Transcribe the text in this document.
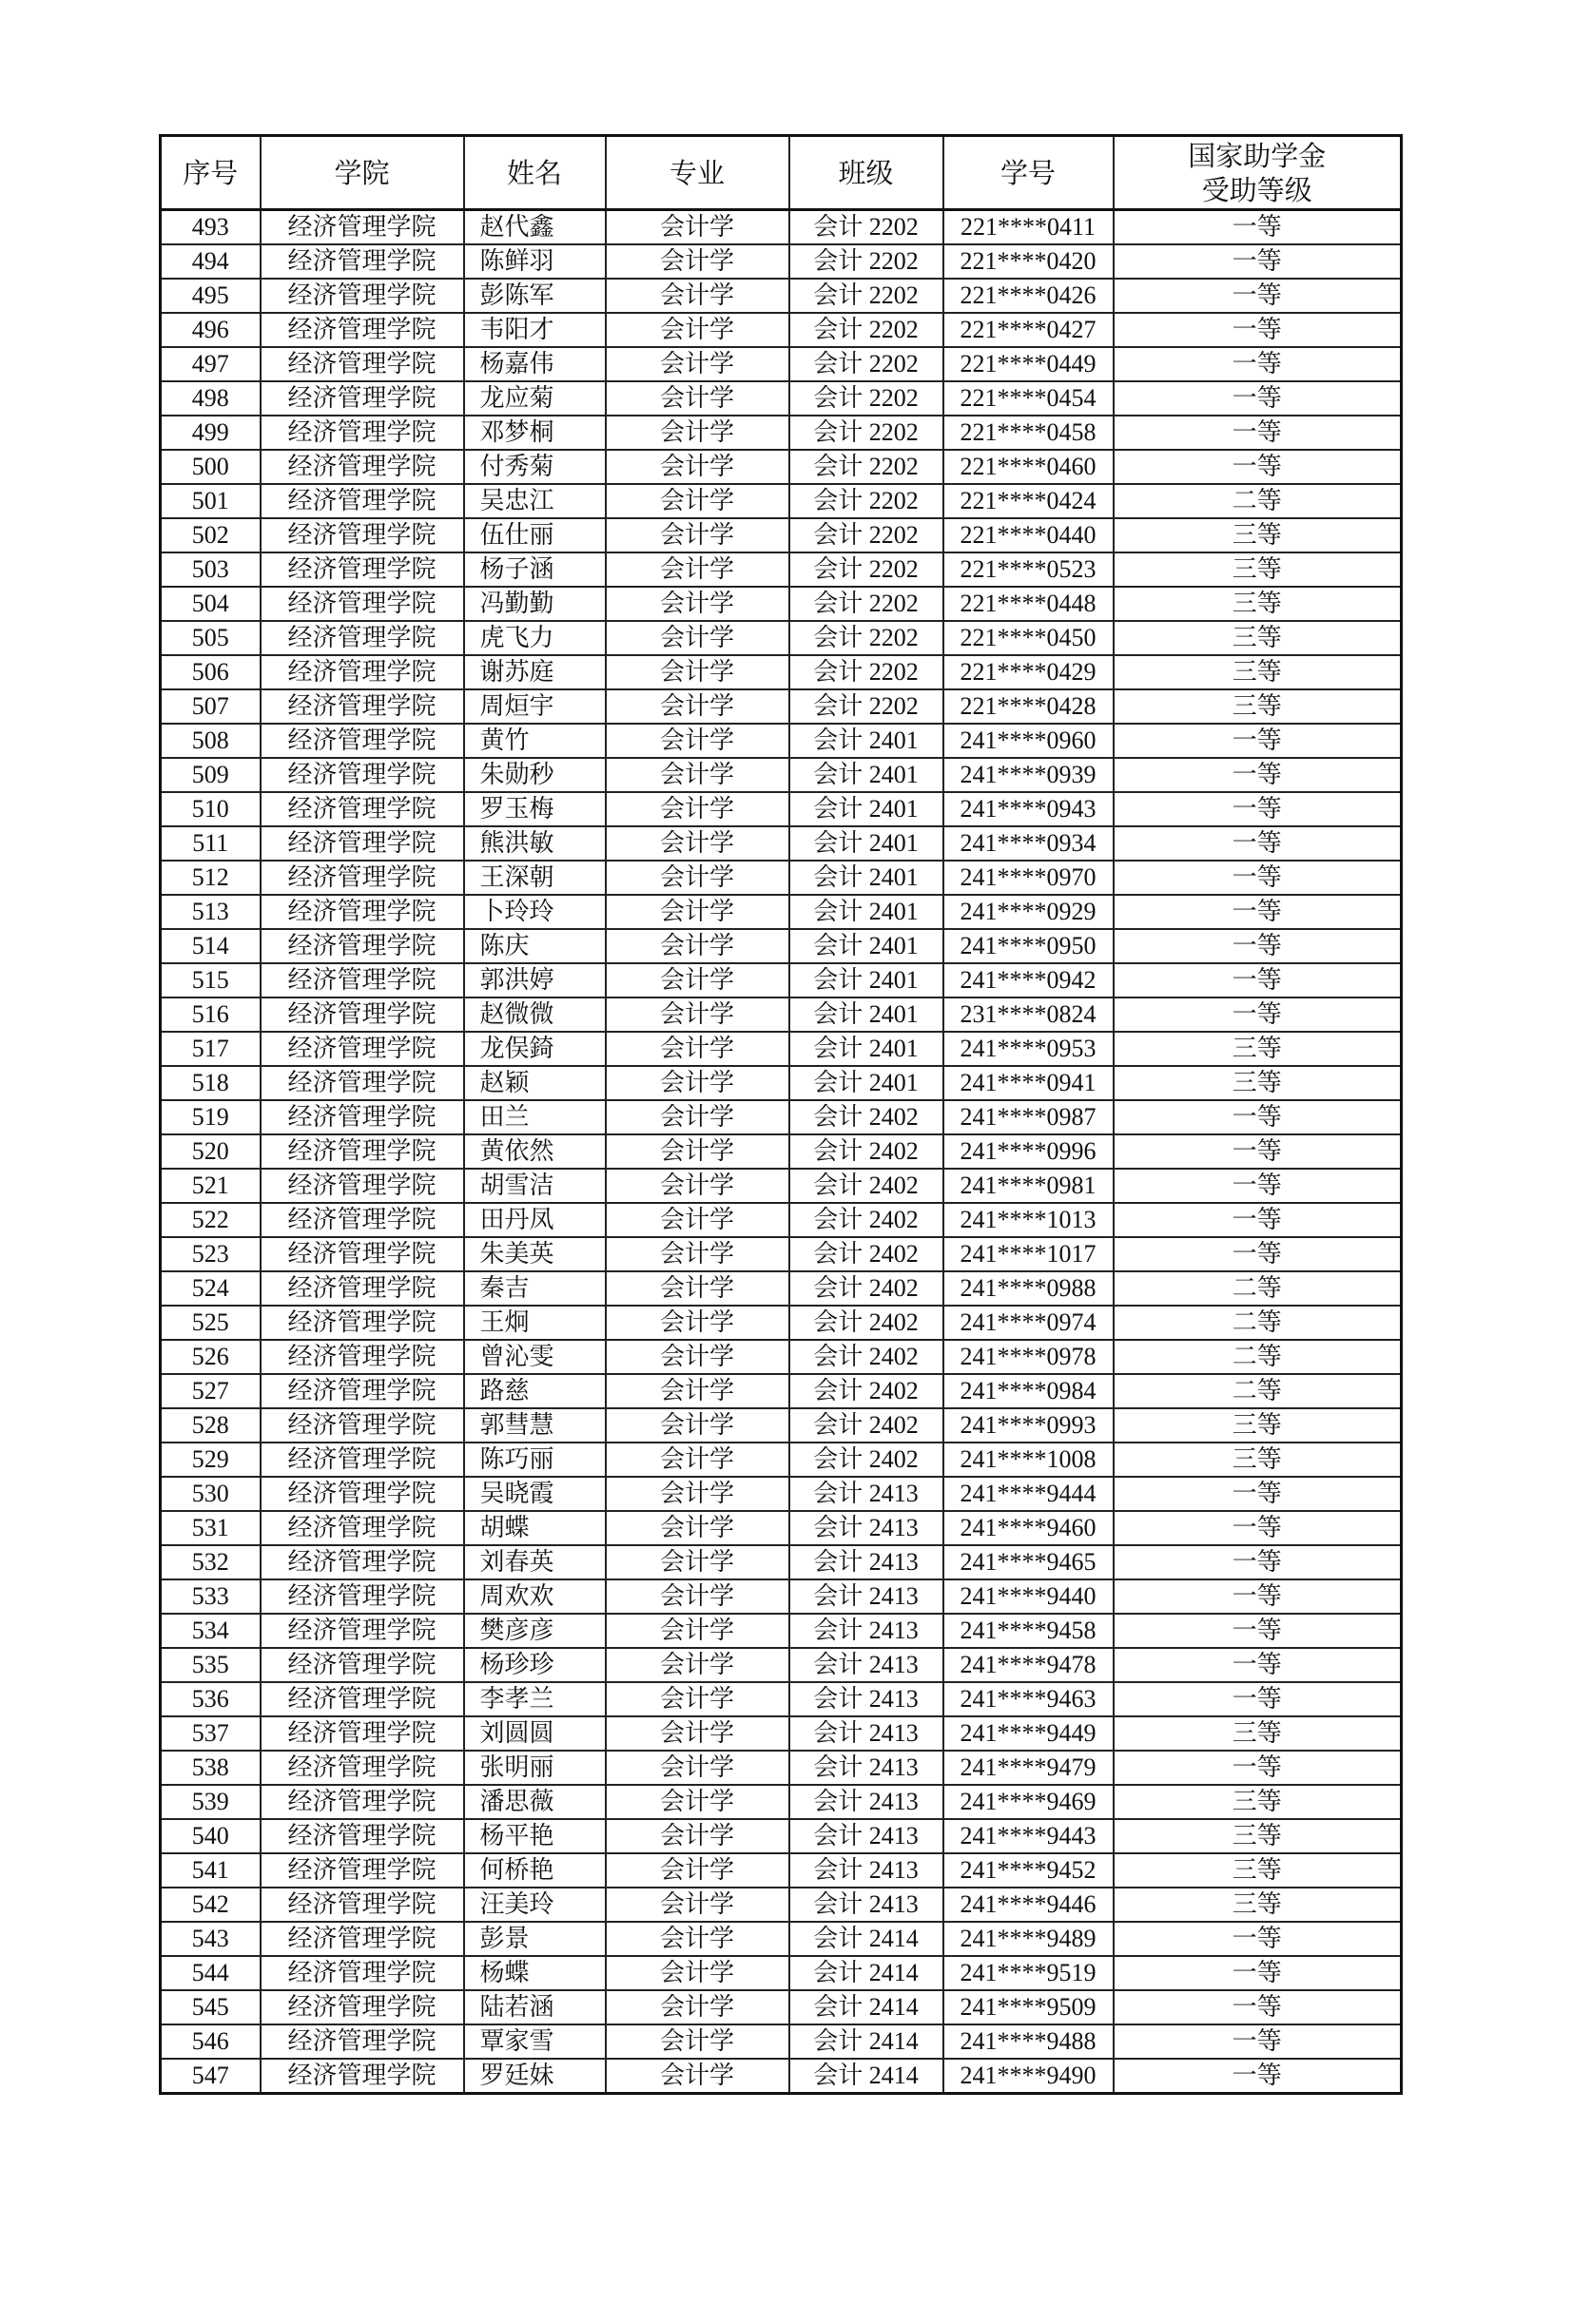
序号	学院	姓名	专业	班级	学号	国家助学金
受助等级

493	经济管理学院	赵代鑫	会计学	会计 2202	221****0411	一等
494	经济管理学院	陈鲜羽	会计学	会计 2202	221****0420	一等
495	经济管理学院	彭陈军	会计学	会计 2202	221****0426	一等
496	经济管理学院	韦阳才	会计学	会计 2202	221****0427	一等
497	经济管理学院	杨嘉伟	会计学	会计 2202	221****0449	一等
498	经济管理学院	龙应菊	会计学	会计 2202	221****0454	一等
499	经济管理学院	邓梦桐	会计学	会计 2202	221****0458	一等
500	经济管理学院	付秀菊	会计学	会计 2202	221****0460	一等
501	经济管理学院	吴忠江	会计学	会计 2202	221****0424	二等
502	经济管理学院	伍仕丽	会计学	会计 2202	221****0440	三等
503	经济管理学院	杨子涵	会计学	会计 2202	221****0523	三等
504	经济管理学院	冯勤勤	会计学	会计 2202	221****0448	三等
505	经济管理学院	虎飞力	会计学	会计 2202	221****0450	三等
506	经济管理学院	谢苏庭	会计学	会计 2202	221****0429	三等
507	经济管理学院	周烜宇	会计学	会计 2202	221****0428	三等
508	经济管理学院	黄竹	会计学	会计 2401	241****0960	一等
509	经济管理学院	朱勋秒	会计学	会计 2401	241****0939	一等
510	经济管理学院	罗玉梅	会计学	会计 2401	241****0943	一等
511	经济管理学院	熊洪敏	会计学	会计 2401	241****0934	一等
512	经济管理学院	王深朝	会计学	会计 2401	241****0970	一等
513	经济管理学院	卜玲玲	会计学	会计 2401	241****0929	一等
514	经济管理学院	陈庆	会计学	会计 2401	241****0950	一等
515	经济管理学院	郭洪婷	会计学	会计 2401	241****0942	一等
516	经济管理学院	赵微微	会计学	会计 2401	231****0824	一等
517	经济管理学院	龙俣錡	会计学	会计 2401	241****0953	三等
518	经济管理学院	赵颖	会计学	会计 2401	241****0941	三等
519	经济管理学院	田兰	会计学	会计 2402	241****0987	一等
520	经济管理学院	黄依然	会计学	会计 2402	241****0996	一等
521	经济管理学院	胡雪洁	会计学	会计 2402	241****0981	一等
522	经济管理学院	田丹凤	会计学	会计 2402	241****1013	一等
523	经济管理学院	朱美英	会计学	会计 2402	241****1017	一等
524	经济管理学院	秦吉	会计学	会计 2402	241****0988	二等
525	经济管理学院	王炯	会计学	会计 2402	241****0974	二等
526	经济管理学院	曾沁雯	会计学	会计 2402	241****0978	二等
527	经济管理学院	路慈	会计学	会计 2402	241****0984	二等
528	经济管理学院	郭彗慧	会计学	会计 2402	241****0993	三等
529	经济管理学院	陈巧丽	会计学	会计 2402	241****1008	三等
530	经济管理学院	吴晓霞	会计学	会计 2413	241****9444	一等
531	经济管理学院	胡蝶	会计学	会计 2413	241****9460	一等
532	经济管理学院	刘春英	会计学	会计 2413	241****9465	一等
533	经济管理学院	周欢欢	会计学	会计 2413	241****9440	一等
534	经济管理学院	樊彦彦	会计学	会计 2413	241****9458	一等
535	经济管理学院	杨珍珍	会计学	会计 2413	241****9478	一等
536	经济管理学院	李孝兰	会计学	会计 2413	241****9463	一等
537	经济管理学院	刘圆圆	会计学	会计 2413	241****9449	三等
538	经济管理学院	张明丽	会计学	会计 2413	241****9479	一等
539	经济管理学院	潘思薇	会计学	会计 2413	241****9469	三等
540	经济管理学院	杨平艳	会计学	会计 2413	241****9443	三等
541	经济管理学院	何桥艳	会计学	会计 2413	241****9452	三等
542	经济管理学院	汪美玲	会计学	会计 2413	241****9446	三等
543	经济管理学院	彭景	会计学	会计 2414	241****9489	一等
544	经济管理学院	杨蝶	会计学	会计 2414	241****9519	一等
545	经济管理学院	陆若涵	会计学	会计 2414	241****9509	一等
546	经济管理学院	覃家雪	会计学	会计 2414	241****9488	一等
547	经济管理学院	罗廷妹	会计学	会计 2414	241****9490	一等
